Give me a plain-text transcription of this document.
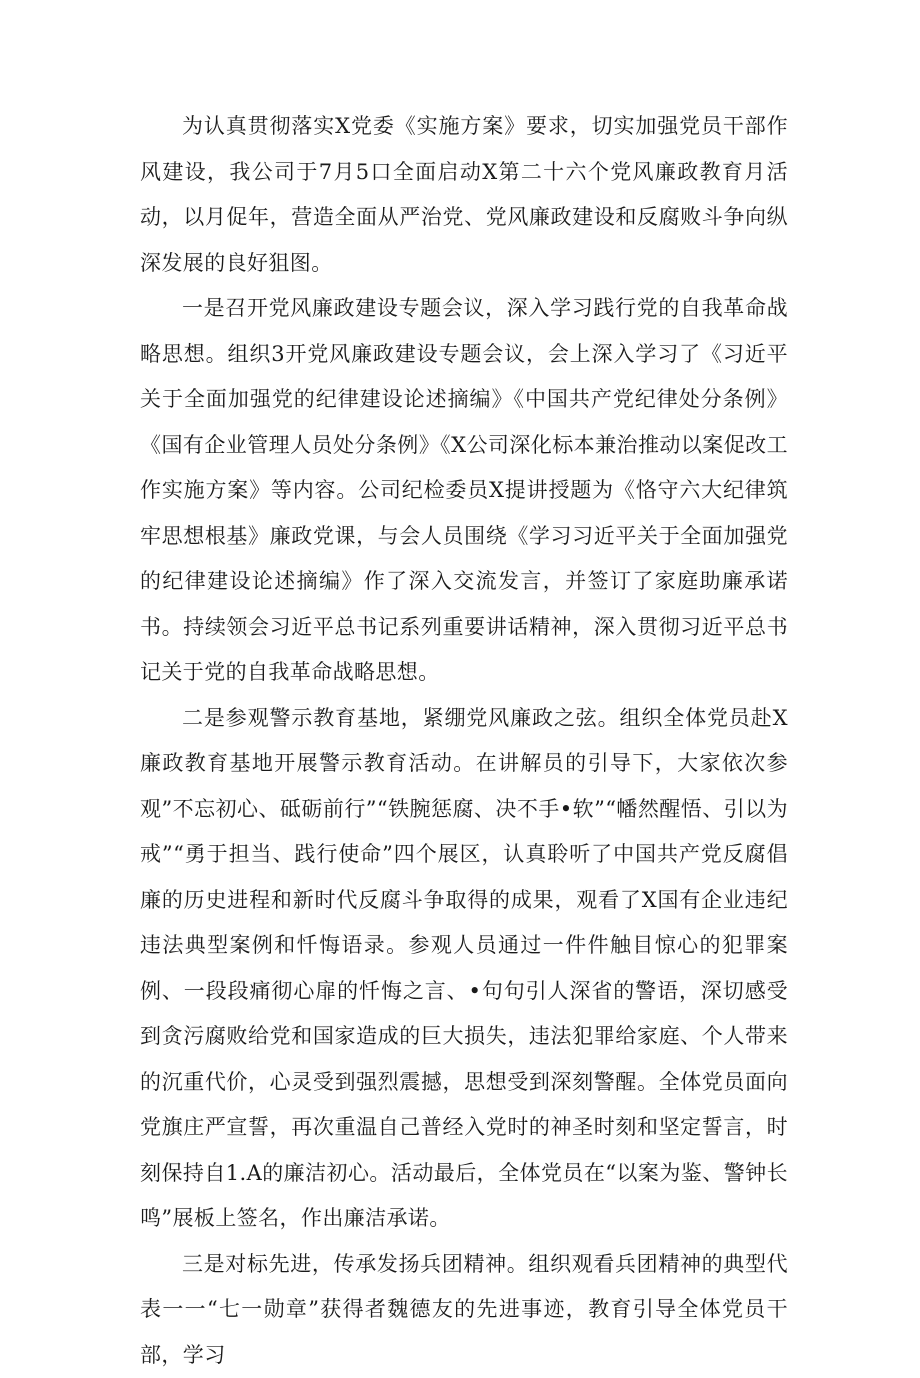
为认真贯彻落实X党委《实施方案》要求，切实加强党员干部作风建设，我公司于7月5口全面启动X第二十六个党风廉政教育月活动，以月促年，营造全面从严治党、党风廉政建设和反腐败斗争向纵深发展的良好狙图。

一是召开党风廉政建设专题会议，深入学习践行党的自我革命战略思想。组织3开党风廉政建设专题会议，会上深入学习了《习近平关于全面加强党的纪律建设论述摘编》《中国共产党纪律处分条例》《国有企业管理人员处分条例》《X公司深化标本兼治推动以案促改工作实施方案》等内容。公司纪检委员X提讲授题为《恪守六大纪律筑牢思想根基》廉政党课，与会人员围绕《学习习近平关于全面加强党的纪律建设论述摘编》作了深入交流发言，并签订了家庭助廉承诺书。持续领会习近平总书记系列重要讲话精神，深入贯彻习近平总书记关于党的自我革命战略思想。

二是参观警示教育基地，紧绷党风廉政之弦。组织全体党员赴X廉政教育基地开展警示教育活动。在讲解员的引导下，大家依次参观”不忘初心、砥砺前行”“铁腕惩腐、决不手•软”“幡然醒悟、引以为戒”“勇于担当、践行使命”四个展区，认真聆听了中国共产党反腐倡廉的历史进程和新时代反腐斗争取得的成果，观看了X国有企业违纪违法典型案例和忏悔语录。参观人员通过一件件触目惊心的犯罪案例、一段段痛彻心扉的忏悔之言、•句句引人深省的警语，深切感受到贪污腐败给党和国家造成的巨大损失，违法犯罪给家庭、个人带来的沉重代价，心灵受到强烈震撼，思想受到深刻警醒。全体党员面向党旗庄严宣誓，再次重温自己普经入党时的神圣时刻和坚定誓言，时刻保持自1.A的廉洁初心。活动最后，全体党员在“以案为鉴、警钟长鸣”展板上签名，作出廉洁承诺。

三是对标先进，传承发扬兵团精神。组织观看兵团精神的典型代表一一“七一勋章”获得者魏德友的先进事迹，教育引导全体党员干部，学习
